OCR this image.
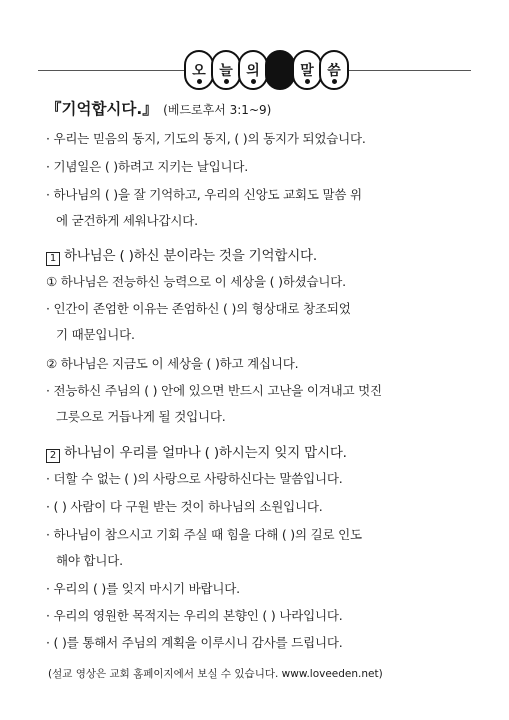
오 늘 의	말 씀
『기억합시다.』 (베드로후서 3:1~9)
· 우리는 믿음의 동지, 기도의 동지, ( )의 동지가 되었습니다.
· 기념일은 ( )하려고 지키는 날입니다.
· 하나님의 ( )을 잘 기억하고, 우리의 신앙도 교회도 말씀 위
에 굳건하게 세워나갑시다.
1 하나님은 ( )하신 분이라는 것을 기억합시다.
① 하나님은 전능하신 능력으로 이 세상을 ( )하셨습니다.
· 인간이 존엄한 이유는 존엄하신 ( )의 형상대로 창조되었
기 때문입니다.
② 하나님은 지금도 이 세상을 ( )하고 계십니다.
· 전능하신 주님의 ( ) 안에 있으면 반드시 고난을 이겨내고 멋진
그릇으로 거듭나게 될 것입니다.
2 하나님이 우리를 얼마나 ( )하시는지 잊지 맙시다.
· 더할 수 없는 ( )의 사랑으로 사랑하신다는 말씀입니다.
· ( ) 사람이 다 구원 받는 것이 하나님의 소원입니다.
· 하나님이 참으시고 기회 주실 때 힘을 다해 ( )의 길로 인도
해야 합니다.
· 우리의 ( )를 잊지 마시기 바랍니다.
· 우리의 영원한 목적지는 우리의 본향인 ( ) 나라입니다.
· ( )를 통해서 주님의 계획을 이루시니 감사를 드립니다.
(설교 영상은 교회 홈페이지에서 보실 수 있습니다. www.loveeden.net)
